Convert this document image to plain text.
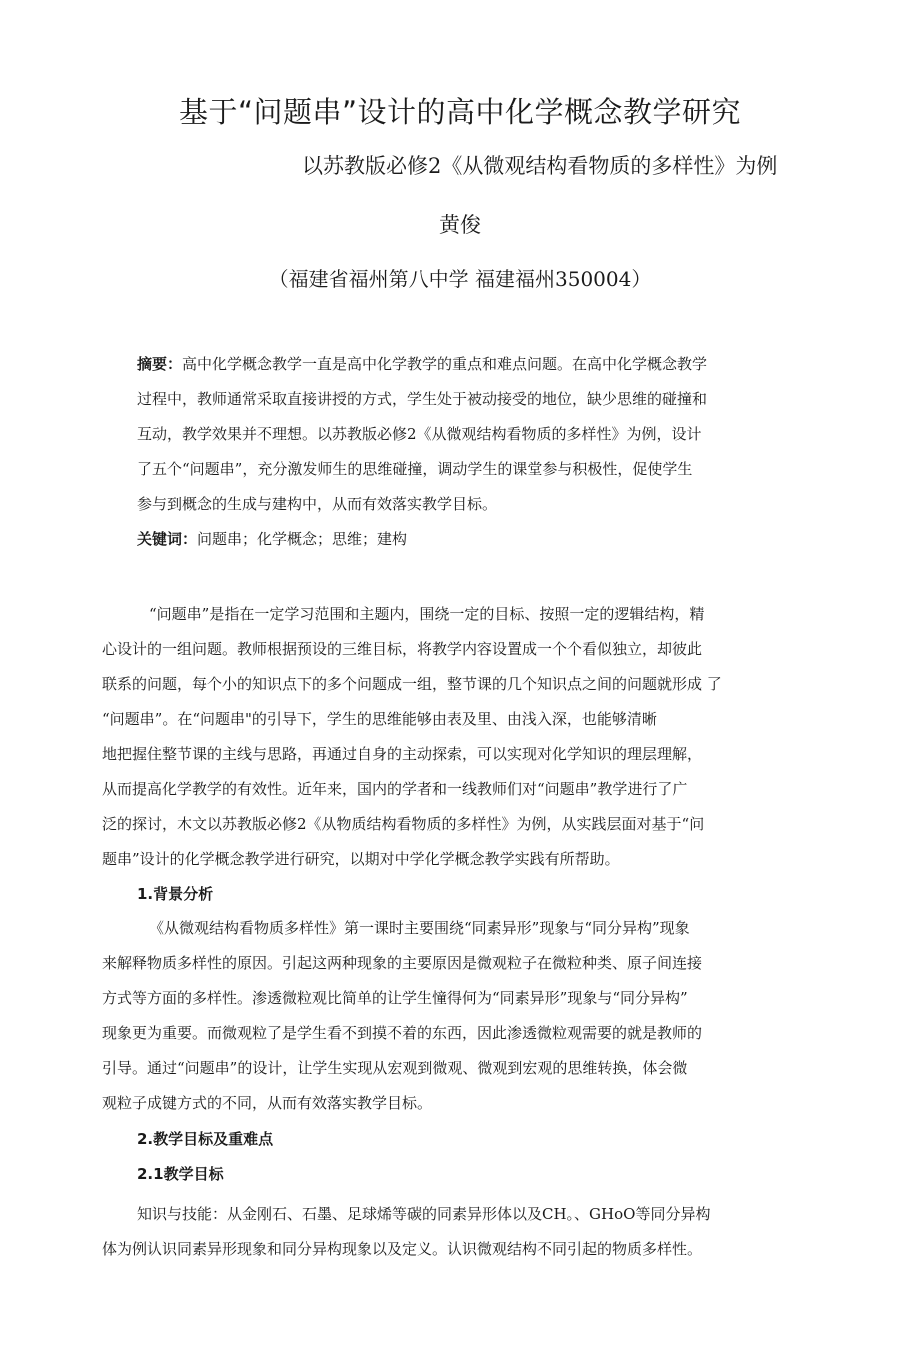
基于“问题串”设计的高中化学概念教学研究
以苏教版必修2《从微观结构看物质的多样性》为例
黄俊
（福建省福州第八中学 福建福州350004）
摘要：高中化学概念教学一直是高中化学教学的重点和难点问题。在高中化学概念教学
过程中，教师通常采取直接讲授的方式，学生处于被动接受的地位，缺少思维的碰撞和
互动，教学效果并不理想。以苏教版必修2《从微观结构看物质的多样性》为例，设计
了五个“问题串”，充分激发师生的思维碰撞，调动学生的课堂参与积极性，促使学生
参与到概念的生成与建构中，从而有效落实教学目标。
关键词：问题串；化学概念；思维；建构
“问题串”是指在一定学习范围和主题内，围绕一定的目标、按照一定的逻辑结构，精
心设计的一组问题。教师根据预设的三维目标，将教学内容设置成一个个看似独立，却彼此
联系的问题，每个小的知识点下的多个问题成一组，整节课的几个知识点之间的问题就形成 了
“问题串”。在“问题串"的引导下，学生的思维能够由表及里、由浅入深，也能够清晰
地把握住整节课的主线与思路，再通过自身的主动探索，可以实现对化学知识的理层理解，
从而提高化学教学的有效性。近年来，国内的学者和一线教师们对“问题串”教学进行了广
泛的探讨，木文以苏教版必修2《从物质结构看物质的多样性》为例，从实践层面对基于“问
题串”设计的化学概念教学进行研究，以期对中学化学概念教学实践有所帮助。
1.背景分析
《从微观结构看物质多样性》第一课时主要围绕“同素异形”现象与“同分异构”现象
来解释物质多样性的原因。引起这两种现象的主要原因是微观粒子在微粒种类、原子间连接
方式等方面的多样性。渗透微粒观比简单的让学生憧得何为“同素异形”现象与“同分异构”
现象更为重要。而微观粒了是学生看不到摸不着的东西，因此渗透微粒观需要的就是教师的
引导。通过“问题串”的设计，让学生实现从宏观到微观、微观到宏观的思维转换，体会微
观粒子成键方式的不同，从而有效落实教学目标。
2.教学目标及重难点
2.1教学目标
知识与技能：从金刚石、石墨、足球烯等碳的同素异形体以及CH。、GHoO等同分异构
体为例认识同素异形现象和同分异构现象以及定义。认识微观结构不同引起的物质多样性。
